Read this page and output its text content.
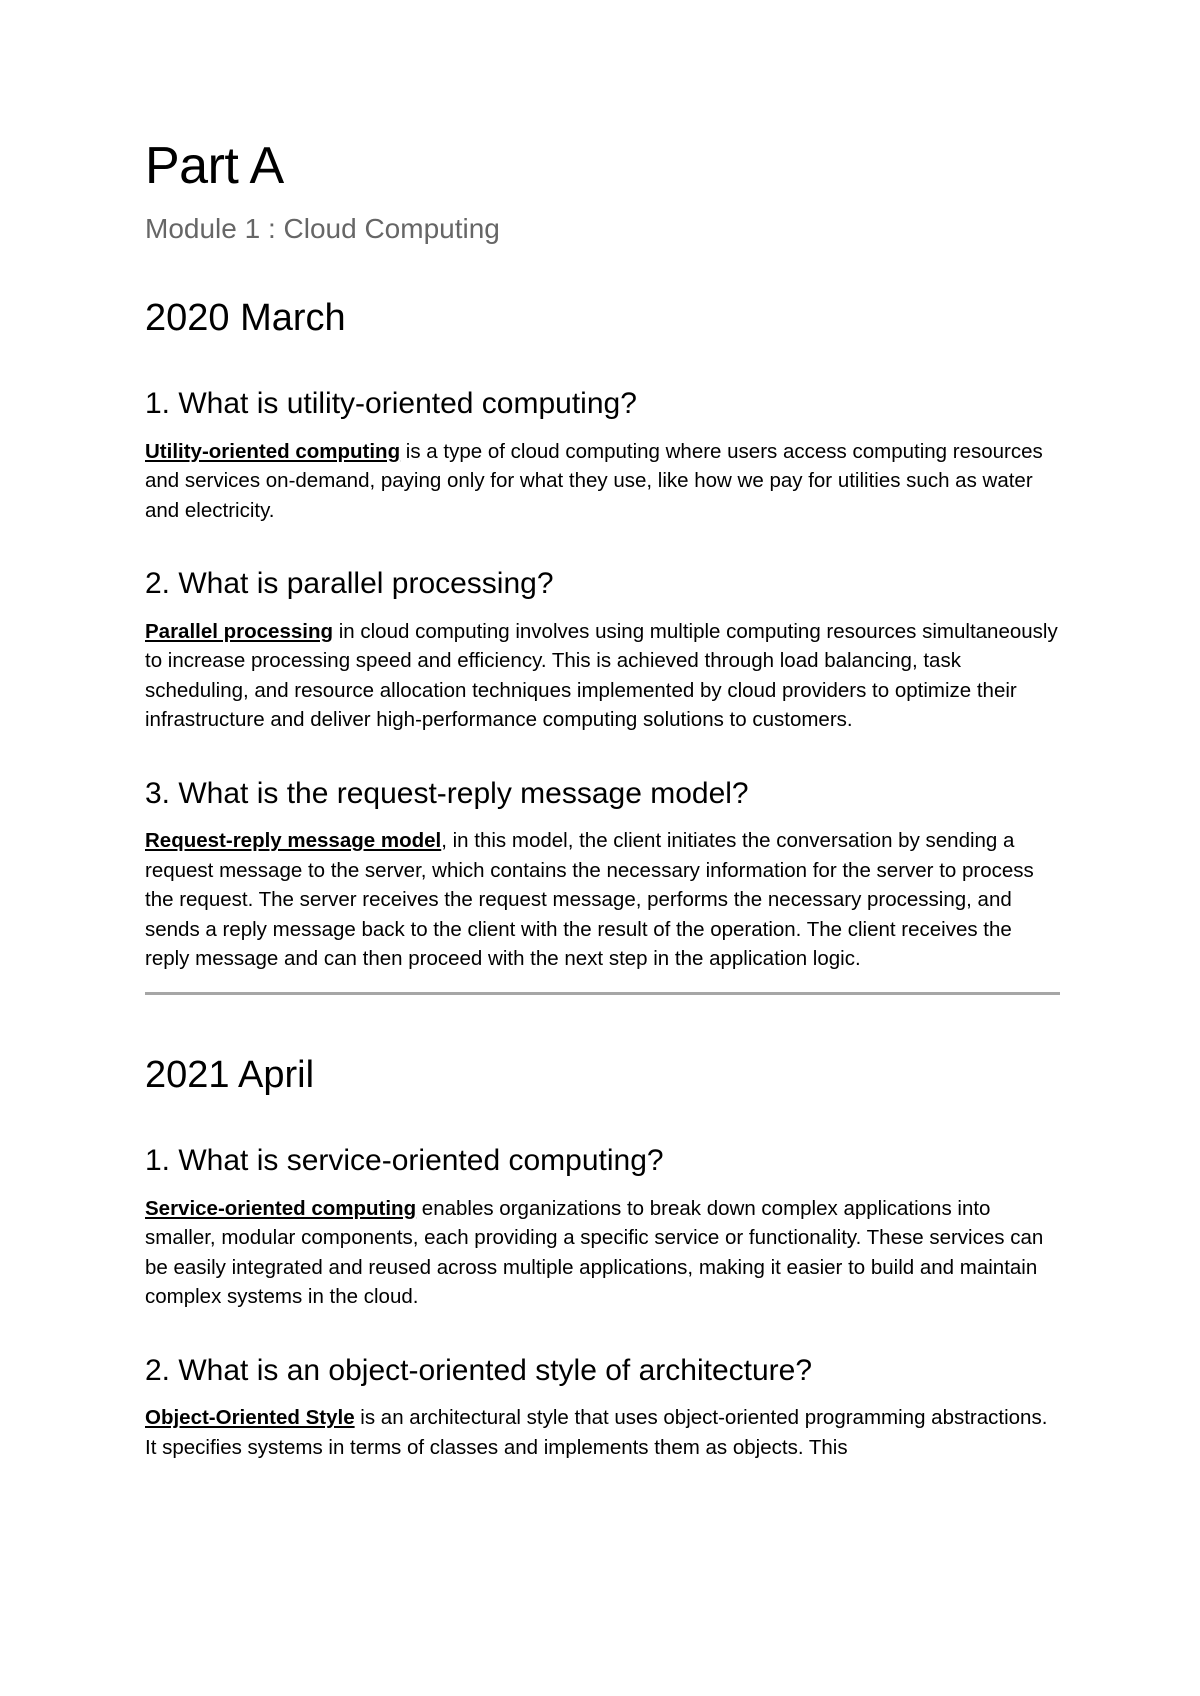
Part A
Module 1 : Cloud Computing
2020 March
1. What is utility-oriented computing?

Utility-oriented computing is a type of cloud computing where users access computing resources and services on-demand, paying only for what they use, like how we pay for utilities such as water and electricity.

2. What is parallel processing?

Parallel processing in cloud computing involves using multiple computing resources simultaneously to increase processing speed and efficiency. This is achieved through load balancing, task scheduling, and resource allocation techniques implemented by cloud providers to optimize their infrastructure and deliver high-performance computing solutions to customers.

3. What is the request-reply message model?

Request-reply message model, in this model, the client initiates the conversation by sending a request message to the server, which contains the necessary information for the server to process the request. The server receives the request message, performs the necessary processing, and sends a reply message back to the client with the result of the operation. The client receives the reply message and can then proceed with the next step in the application logic.

2021 April
1. What is service-oriented computing?

Service-oriented computing enables organizations to break down complex applications into smaller, modular components, each providing a specific service or functionality. These services can be easily integrated and reused across multiple applications, making it easier to build and maintain complex systems in the cloud.

2. What is an object-oriented style of architecture?

Object-Oriented Style is an architectural style that uses object-oriented programming abstractions. It specifies systems in terms of classes and implements them as objects. This
